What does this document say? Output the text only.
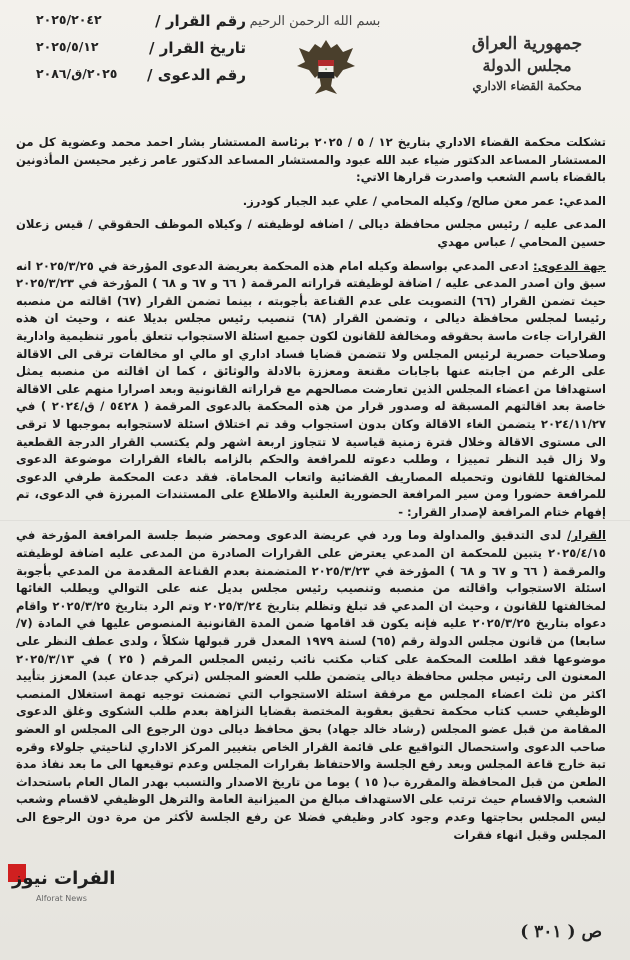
بسم الله الرحمن الرحيم
جمهورية العراق
مجلس الدولة
محكمة القضاء الاداري
✦
رقم القرار /
٢٠٢٥/٢٠٤٢
تاريخ القرار /
٢٠٢٥/٥/١٢
رقم الدعوى /
٢٠٢٥/ق/٢٠٨٦

تشكلت محكمة القضاء الاداري بتاريخ ١٢ / ٥ / ٢٠٢٥ برئاسة المستشار بشار احمد محمد وعضوية كل من المستشار المساعد الدكتور ضياء عبد الله عبود والمستشار المساعد الدكتور عامر زغير محيسن المأذونين بالقضاء باسم الشعب واصدرت قرارها الاتي:

المدعي: عمر معن صالح/ وكيله المحامي / علي عبد الجبار كودرز.

المدعى عليه / رئيس مجلس محافظة ديالى / اضافه لوظيفته / وكيلاه الموظف الحقوقي / قيس زعلان حسين المحامي / عباس مهدي

جهة الدعوى: ادعى المدعي بواسطة وكيله امام هذه المحكمة بعريضة الدعوى المؤرخة في ٢٠٢٥/٣/٢٥ انه سبق وان اصدر المدعى عليه / اضافة لوظيفته قراراته المرقمة ( ٦٦ و ٦٧ و ٦٨ ) المؤرخة في ٢٠٢٥/٣/٢٣ حيث تضمن القرار (٦٦) التصويت على عدم القناعة بأجوبته ، بينما تضمن القرار (٦٧) اقالته من منصبه رئيسا لمجلس محافظة ديالى ، وتضمن القرار (٦٨) تنصيب رئيس مجلس بديلا عنه ، وحيث ان هذه القرارات جاءت ماسة بحقوقه ومخالفة للقانون لكون جميع اسئلة الاستجواب تتعلق بأمور تنظيمية وادارية وصلاحيات حصرية لرئيس المجلس ولا تتضمن قضايا فساد اداري او مالي او مخالفات ترقى الى الاقالة على الرغم من اجابته عنها باجابات مقنعة ومعززة بالادلة والوثائق ، كما ان اقالته من منصبه يمثل استهدافا من اعضاء المجلس الذين تعارضت مصالحهم مع قراراته القانونية وبعد اصرارا منهم على الاقالة خاصة بعد اقالتهم المسبقة له وصدور قرار من هذه المحكمة بالدعوى المرقمة ( ٥٤٢٨ / ق/٢٠٢٤ ) في ٢٠٢٤/١١/٢٧ يتضمن الغاء الاقالة وكان بدون استجواب وقد تم اختلاق اسئلة لاستجوابه بموجبها لا ترقى الى مستوى الاقالة وخلال فترة زمنية قياسية لا تتجاوز اربعة اشهر ولم يكتسب القرار الدرجة القطعية ولا زال قيد النظر تمييزا ، وطلب دعوته للمرافعة والحكم بالزامه بالغاء القرارات موضوعة الدعوى لمخالفتها للقانون وتحميله المصاريف القضائية واتعاب المحاماة. فقد دعت المحكمة طرفي الدعوى للمرافعة حضورا ومن سير المرافعة الحضورية العلنية والاطلاع على المستندات المبرزة في الدعوى، تم إفهام ختام المرافعة لإصدار القرار: -

القرار/ لدى التدقيق والمداولة وما ورد في عريضة الدعوى ومحضر ضبط جلسة المرافعة المؤرخة في ٢٠٢٥/٤/١٥ يتبين للمحكمة ان المدعي يعترض على القرارات الصادرة من المدعى عليه اضافة لوظيفته والمرقمة ( ٦٦ و ٦٧ و ٦٨ ) المؤرخة في ٢٠٢٥/٣/٢٣ المتضمنة بعدم القناعة المقدمة من المدعي بأجوبة اسئلة الاستجواب واقالته من منصبه وتنصيب رئيس مجلس بديل عنه على التوالي ويطلب الغائها لمخالفتها للقانون ، وحيث ان المدعي قد تبلغ وتظلم بتاريخ ٢٠٢٥/٣/٢٤ وتم الرد بتاريخ ٢٠٢٥/٣/٢٥ واقام دعواه بتاريخ ٢٠٢٥/٣/٢٥ عليه فإنه يكون قد اقامها ضمن المدة القانونية المنصوص عليها في المادة (٧/سابعا) من قانون مجلس الدولة رقم (٦٥) لسنة ١٩٧٩ المعدل قرر قبولها شكلاً ، ولدى عطف النظر على موضوعها فقد اطلعت المحكمة على كتاب مكتب نائب رئيس المجلس المرقم ( ٢٥ ) في ٢٠٢٥/٣/١٣ المعنون الى رئيس مجلس محافظة ديالى يتضمن طلب العضو المجلس (تركي جدعان عبد) المعزز بتأييد اكثر من ثلث اعضاء المجلس مع مرفقة اسئلة الاستجواب التي تضمنت توجيه تهمة استغلال المنصب الوظيفي حسب كتاب محكمة تحقيق بعقوبة المختصة بقضايا النزاهة بعدم طلب الشكوى وغلق الدعوى المقامة من قبل عضو المجلس (رشاد خالد جهاد) بحق محافظ ديالى دون الرجوع الى المجلس او العضو صاحب الدعوى واستحصال التواقيع على قائمة القرار الخاص بتغيير المركز الاداري لناحيتي جلولاء وقره تبة خارج قاعة المجلس وبعد رفع الجلسة والاحتفاظ بقرارات المجلس وعدم توقيعها الى ما بعد نفاذ مدة الطعن من قبل المحافظة والمقررة ب( ١٥ ) يوما من تاريخ الاصدار والتسبب بهدر المال العام باستحداث الشعب والاقسام حيث ترتب على الاستهداف مبالغ من الميزانية العامة والترهل الوظيفي لاقسام وشعب ليس المجلس بحاجتها وعدم وجود كادر وظيفي فضلا عن رفع الجلسة لأكثر من مرة دون الرجوع الى المجلس وقبل انهاء فقرات

الفرات نيوز
Alforat News
ص ( ٣٠١ )
